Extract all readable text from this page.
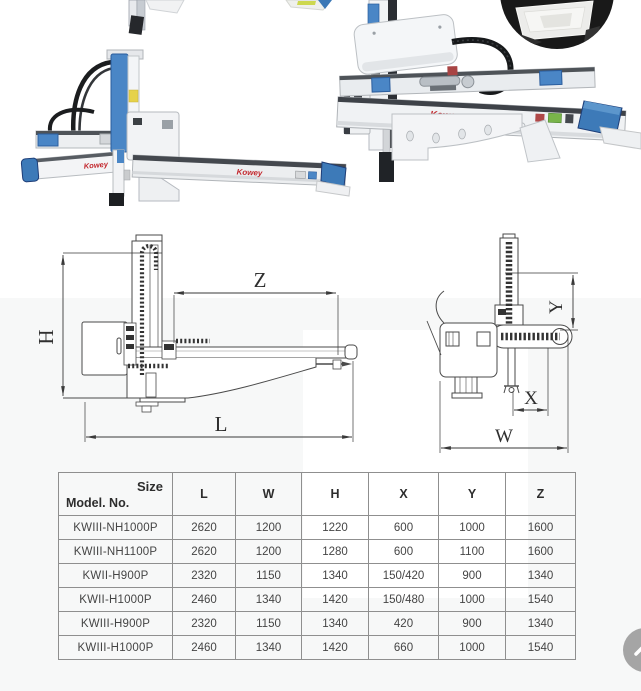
Kowey
Kowey
H
Z
L
Y
X
W
Size
Model. No.	L	W	H	X	Y	Z
KWIII-NH1000P	2620	1200	1220	600	1000	1600
KWIII-NH1100P	2620	1200	1280	600	1100	1600
KWII-H900P	2320	1150	1340	150/420	900	1340
KWII-H1000P	2460	1340	1420	150/480	1000	1540
KWIII-H900P	2320	1150	1340	420	900	1340
KWIII-H1000P	2460	1340	1420	660	1000	1540
